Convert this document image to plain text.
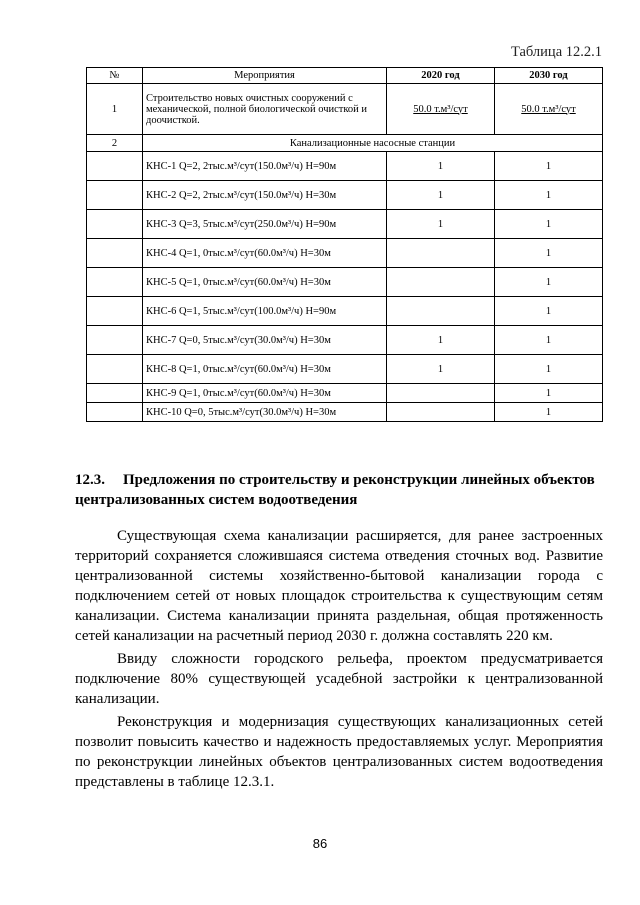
Таблица 12.2.1
№	Мероприятия	2020 год	2030 год
1	Строительство новых очистных сооружений с механической, полной биологической очисткой и доочисткой.	50.0 т.м³/сут	50.0 т.м³/сут
2	Канализационные насосные станции		
	КНС-1 Q=2, 2тыс.м³/сут(150.0м³/ч) Н=90м	1	1
	КНС-2 Q=2, 2тыс.м³/сут(150.0м³/ч) Н=30м	1	1
	КНС-3 Q=3, 5тыс.м³/сут(250.0м³/ч) Н=90м	1	1
	КНС-4 Q=1, 0тыс.м³/сут(60.0м³/ч) Н=30м		1
	КНС-5 Q=1, 0тыс.м³/сут(60.0м³/ч) Н=30м		1
	КНС-6 Q=1, 5тыс.м³/сут(100.0м³/ч) Н=90м		1
	КНС-7 Q=0, 5тыс.м³/сут(30.0м³/ч) Н=30м	1	1
	КНС-8 Q=1, 0тыс.м³/сут(60.0м³/ч) Н=30м	1	1
	КНС-9 Q=1, 0тыс.м³/сут(60.0м³/ч) Н=30м		1
	КНС-10 Q=0, 5тыс.м³/сут(30.0м³/ч) Н=30м		1
12.3. Предложения по строительству и реконструкции линейных объектов централизованных систем водоотведения

Существующая схема канализации расширяется, для ранее застроенных территорий сохраняется сложившаяся система отведения сточных вод. Развитие централизованной системы хозяйственно-бытовой канализации города с подключением сетей от новых площадок строительства к существующим сетям канализации. Система канализации принята раздельная, общая протяженность сетей канализации на расчетный период 2030 г. должна составлять 220 км.

Ввиду сложности городского рельефа, проектом предусматривается подключение 80% существующей усадебной застройки к централизованной канализации.

Реконструкция и модернизация существующих канализационных сетей позволит повысить качество и надежность предоставляемых услуг. Мероприятия по реконструкции линейных объектов централизованных систем водоотведения представлены в таблице 12.3.1.

86
